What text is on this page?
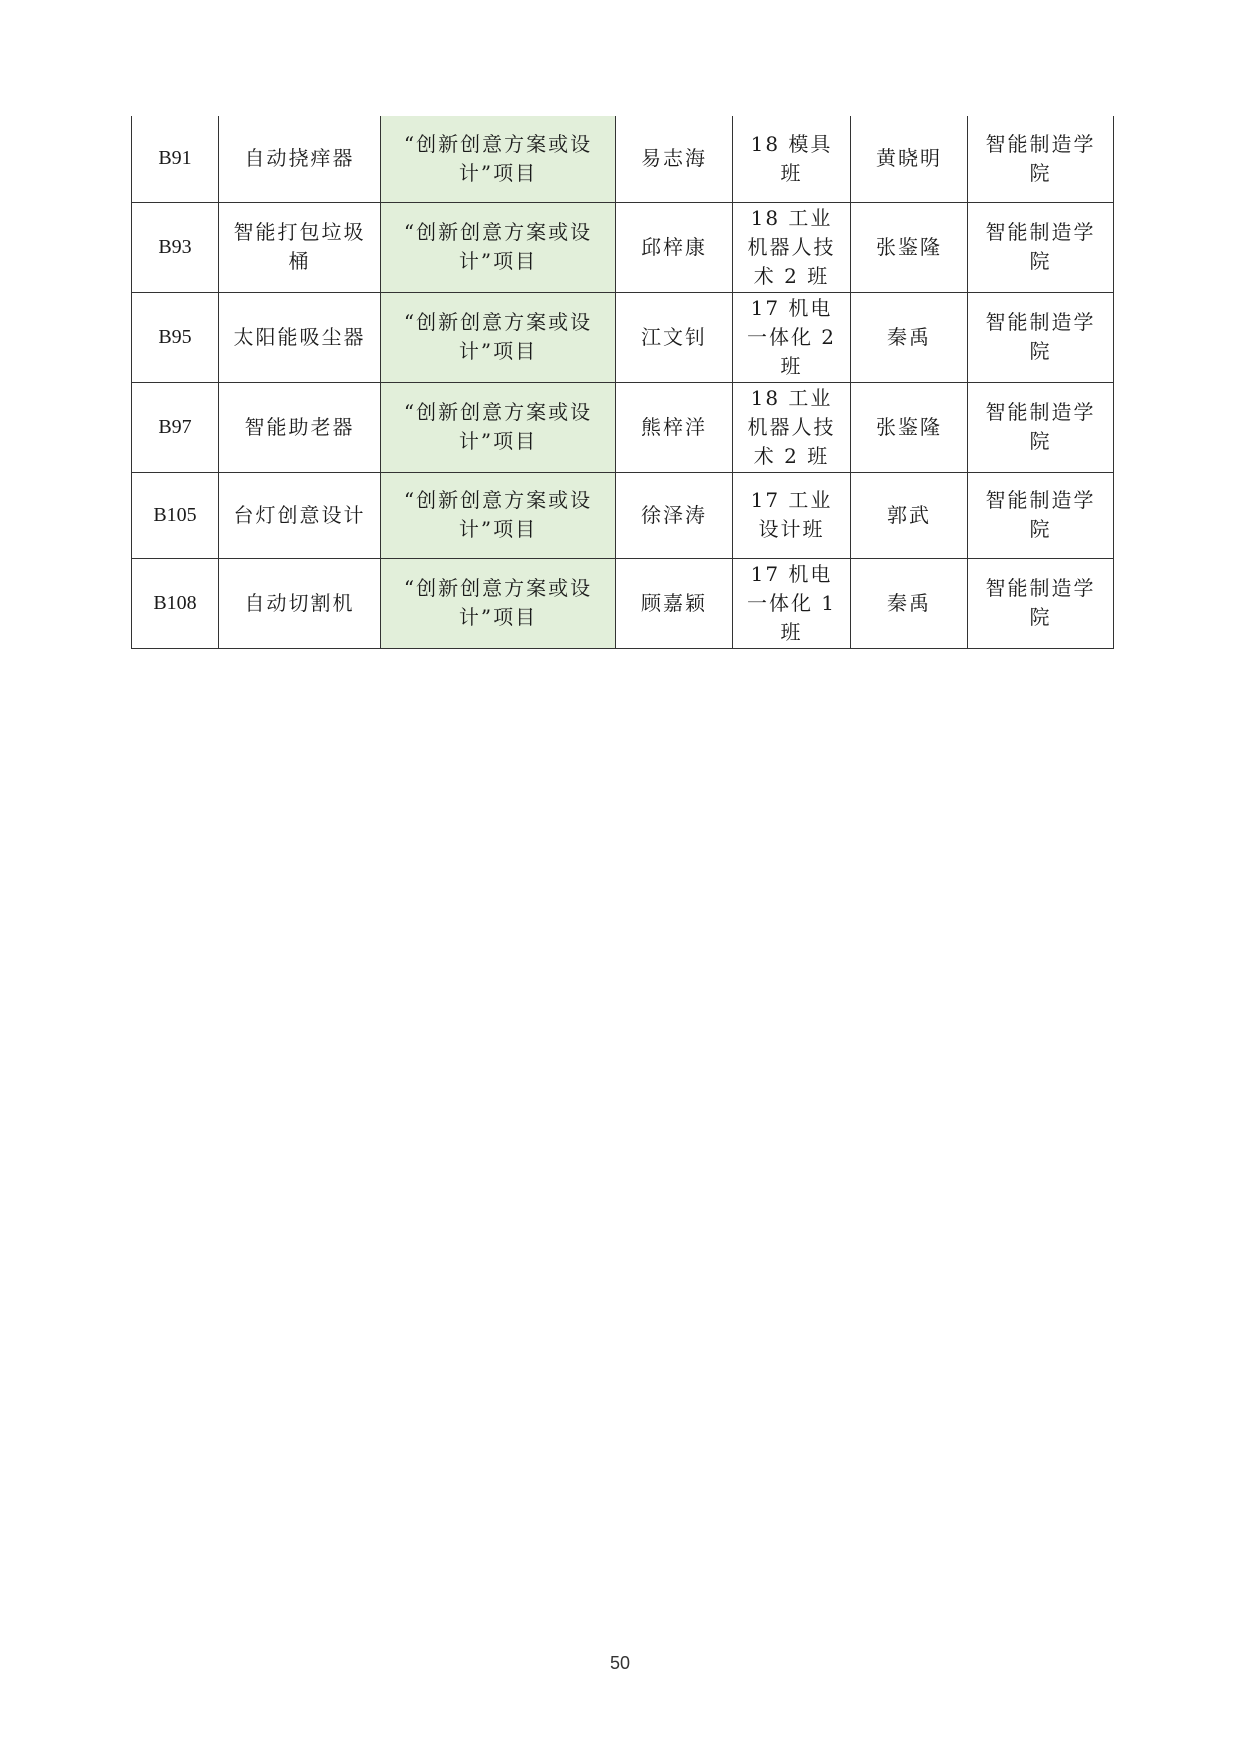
B91	自动挠痒器	“创新创意方案或设计”项目	易志海	18 模具班	黄晓明	智能制造学院
B93	智能打包垃圾桶	“创新创意方案或设计”项目	邱梓康	18 工业机器人技术 2 班	张鉴隆	智能制造学院
B95	太阳能吸尘器	“创新创意方案或设计”项目	江文钊	17 机电一体化 2 班	秦禹	智能制造学院
B97	智能助老器	“创新创意方案或设计”项目	熊梓洋	18 工业机器人技术 2 班	张鉴隆	智能制造学院
B105	台灯创意设计	“创新创意方案或设计”项目	徐泽涛	17 工业设计班	郭武	智能制造学院
B108	自动切割机	“创新创意方案或设计”项目	顾嘉颖	17 机电一体化 1 班	秦禹	智能制造学院
50
